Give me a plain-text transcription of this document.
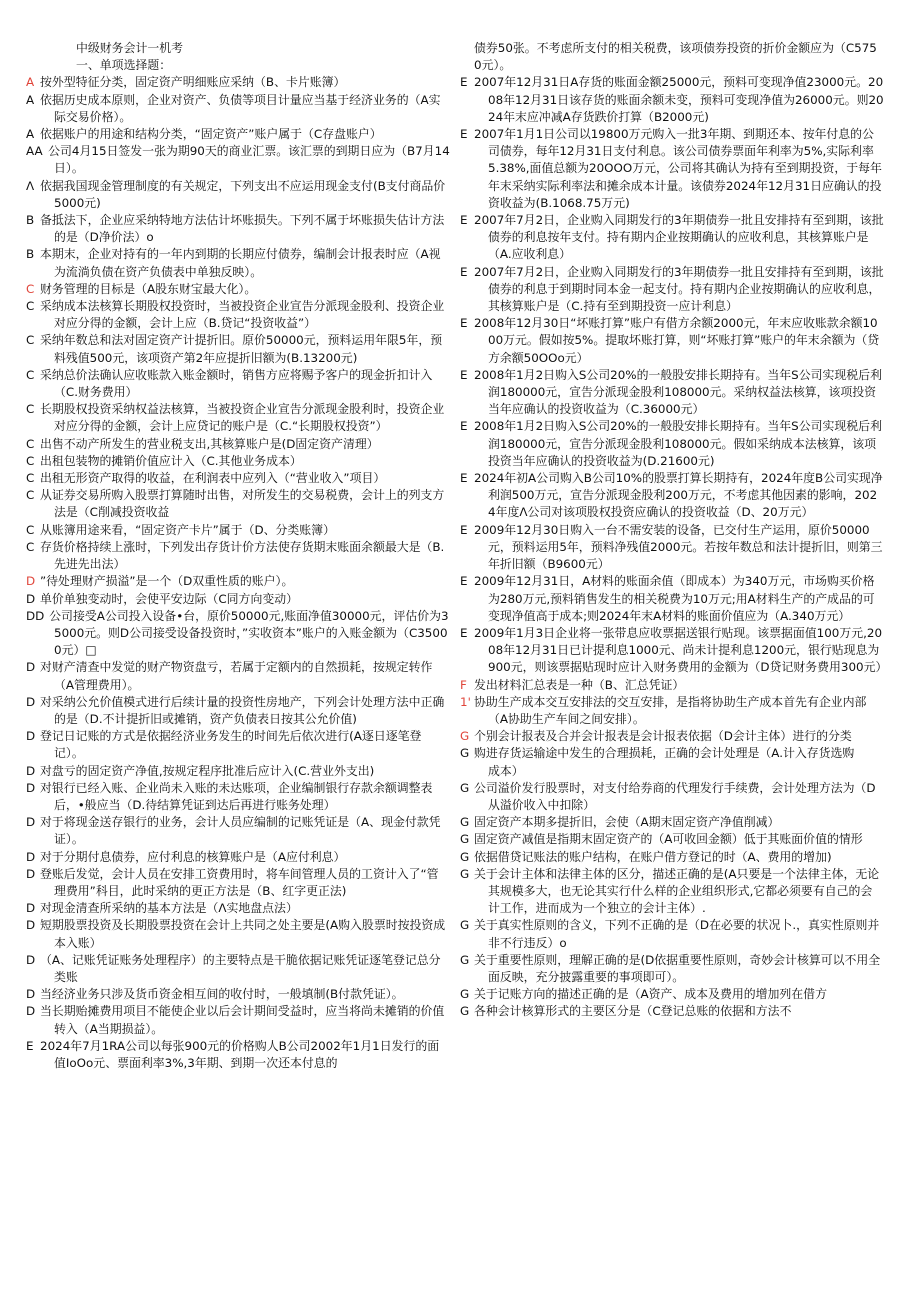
中级财务会计一机考
一、单项选择题：

A 按外型特征分类，固定资产明细账应采纳（B、卡片账簿）

A 依据历史成本原则，企业对资产、负债等项目计量应当基于经济业务的（A实际交易价格）。

A 依据账户的用途和结构分类，“固定资产”账户属于（C存盘账户）

AA 公司4月15日签发一张为期90天的商业汇票。该汇票的到期日应为（B7月14日）。

Λ 依据我国现金管理制度的有关规定，下列支出不应运用现金支付(B支付商品价5000元)

B 备抵法下，企业应采纳特地方法估计坏账损失。下列不属于坏账损失估计方法的是（D净价法）o

B 本期末，企业对持有的一年内到期的长期应付债券，编制会计报表时应（A视为流淌负债在资产负债表中单独反映）。

C 财务管理的目标是（A股东财宝最大化）。

C 采纳成本法核算长期股权投资时，当被投资企业宣告分派现金股利、投资企业对应分得的金额，会计上应（B.贷记“投资收益”）

C 采纳年数总和法对固定资产计提折旧。原价50000元，预料运用年限5年，预料残值500元，该项资产第2年应提折旧额为(B.13200元)

C 采纳总价法确认应收账款入账金额时，销售方应将赐予客户的现金折扣计入（C.财务费用）

C 长期股权投资采纳权益法核算，当被投资企业宣告分派现金股利时，投资企业对应分得的金额，会计上应贷记的账户是（C.“长期股权投资”）

C 出售不动产所发生的营业税支出,其核算账户是(D固定资产清理）

C 出租包装物的摊销价值应计入（C.其他业务成本）

C 出租无形资产取得的收益，在利润表中应列入（“营业收入”项目）

C 从证券交易所购入股票打算随时出售，对所发生的交易税费，会计上的列支方法是（C削减投资收益

C 从账簿用途来看，“固定资产卡片”属于（D、分类账簿）

C 存货价格持续上涨时，下列发出存货计价方法使存货期末账面余额最大是（B.先进先出法）

D ”待处理财产损溢”是一个（D双重性质的账户）。

D 单价单独变动时，会使平安边际（C同方向变动）

DD 公司接受A公司投入设备•台，原价50000元,账面净值30000元，评估价为35000元。则D公司接受设备投资时，”实收资本”账户的入账金额为（C35000元）□

D 对财产清查中发觉的财产物资盘亏，若属于定额内的自然损耗，按规定转作（A管理费用）。

D 对采纳公允价值模式进行后续计量的投资性房地产，下列会计处理方法中正确的是（D.不计提折旧或摊销，资产负债表日按其公允价值)

D 登记日记账的方式是依据经济业务发生的时间先后依次进行(A逐日逐笔登记）。

D 对盘亏的固定资产净值,按规定程序批准后应计入(C.营业外支出)

D 对银行已经入账、企业尚未入账的未达账项，企业编制银行存款余额调整表后，•般应当（D.待结算凭证到达后再进行账务处理）

D 对于将现金送存银行的业务，会计人员应编制的记账凭证是（A、现金付款凭证）。

D 对于分期付息债券，应付利息的核算账户是（A应付利息）

D 登账后发觉，会计人员在安排工资费用时，将车间管理人员的工资计入了“管理费用”科目，此时采纳的更正方法是（B、红字更正法)

D 对现金清查所采纳的基本方法是（Λ实地盘点法）

D 短期股票投资及长期股票投资在会计上共同之处主要是(A购入股票时按投资成本入账）

D （A、记账凭证账务处理程序）的主要特点是干脆依据记账凭证逐笔登记总分类账

D 当经济业务只涉及货币资金相互间的收付时，一般填制(B付款凭证）。

D 当长期贻摊费用项目不能使企业以后会计期间受益时，应当将尚未摊销的价值转入（A当期损益）。

E 2024年7月1RA公司以每张900元的价格购人B公司2002年1月1日发行的面值IoOo元、票面利率3%,3年期、到期一次还本付息的

债券50张。不考虑所支付的相关税费，该项债券投资的折价金额应为（C5750元）。

E 2007年12月31日A存货的账面金额25000元，预料可变现净值23000元。2008年12月31日该存货的账面余额未变，预料可变现净值为26000元。则2024年末应冲减A存货跌价打算（B2000元)

E 2007年1月1日公司以19800万元购入一批3年期、到期还本、按年付息的公司债券，每年12月31日支付利息。该公司债券票面年利率为5%,实际利率5.38%,面值总额为20OOO万元，公司将其确认为持有至到期投资，于每年年末采纳实际利率法和摊余成本计量。该债券2024年12月31日应确认的投资收益为(B.1068.75万元)

E 2007年7月2日，企业购入同期发行的3年期债券一批且安排持有至到期，该批债券的利息按年支付。持有期内企业按期确认的应收利息，其核算账户是（A.应收利息）

E 2007年7月2日，企业购入同期发行的3年期债券一批且安排持有至到期，该批债券的利息于到期时同本金一起支付。持有期内企业按期确认的应收利息，其核算账户是（C.持有至到期投资一应计利息）

E 2008年12月30日“坏账打算”账户有借方余额2000元，年末应收账款余额1000万元。假如按5%。提取坏账打算，则“坏账打算”账户的年末余额为（贷方余额50OOo元）

E 2008年1月2日购入S公司20%的一般股安排长期持有。当年S公司实现税后利润180000元，宣告分派现金股利108000元。采纳权益法核算，该项投资当年应确认的投资收益为（C.36000元）

E 2008年1月2日购入S公司20%的一般股安排长期持有。当年S公司实现税后利润180000元，宣告分派现金股利108000元。假如采纳成本法核算，该项投资当年应确认的投资收益为(D.21600元)

E 2024年初A公司购入B公司10%的股票打算长期持有，2024年度B公司实现净利润500万元，宣告分派现金股利200万元，不考虑其他因素的影响，2024年度Λ公司对该项股权投资应确认的投资收益（D、20万元）

E 2009年12月30日购入一台不需安装的设备，已交付生产运用，原价50000元，预料运用5年，预料净残值2000元。若按年数总和法计提折旧，则第三年折旧额（B9600元）

E 2009年12月31日，A材料的账面余值（即成本）为340万元，市场购买价格为280万元,预料销售发生的相关税费为10万元;用A材料生产的产成品的可变现净值高于成本;则2024年末A材料的账面价值应为（A.340万元）

E 2009年1月3日企业将一张带息应收票据送银行贴现。该票据面值100万元,2008年12月31日已计提利息1000元、尚未计提利息1200元，银行贴现息为900元，则该票据贴现时应计入财务费用的金额为（D贷记财务费用300元）

F 发出材料汇总表是一种（B、汇总凭证）

1' 协助生产成本交互安排法的交互安排，是指将协助生产成本首先有企业内部（A协助生产车间之间安排）。

G 个别会计报表及合并会计报表是会计报表依据（D会计主体）进行的分类

G 购进存货运输途中发生的合理损耗，正确的会计处理是（A.计入存货选购　　　成本）

G 公司溢价发行股票时，对支付给券商的代理发行手续费，会计处理方法为（D从溢价收入中扣除）

G 固定资产本期多提折旧，会使（A期末固定资产净值削减）

G 固定资产减值是指期末固定资产的（A可收回金额）低于其账面价值的情形

G 依据借贷记账法的账户结构，在账户借方登记的时（A、费用的增加)

G 关于会计主体和法律主体的区分，描述正确的是(A只要是一个法律主体，无论其规模多大，也无论其实行什么样的企业组织形式,它都必须要有自己的会计工作，进而成为一个独立的会计主体）.

G 关于真实性原则的含义，下列不正确的是（D在必要的状况卜.，真实性原则并非不行违反）o

G 关于重要性原则，理解正确的是(D依据重要性原则，奇妙会计核算可以不用全面反映，充分披露重要的事项即可）。

G 关于记账方向的描述正确的是（A资产、成本及费用的增加列在借方

G 各种会计核算形式的主要区分是（C登记总账的依据和方法不
